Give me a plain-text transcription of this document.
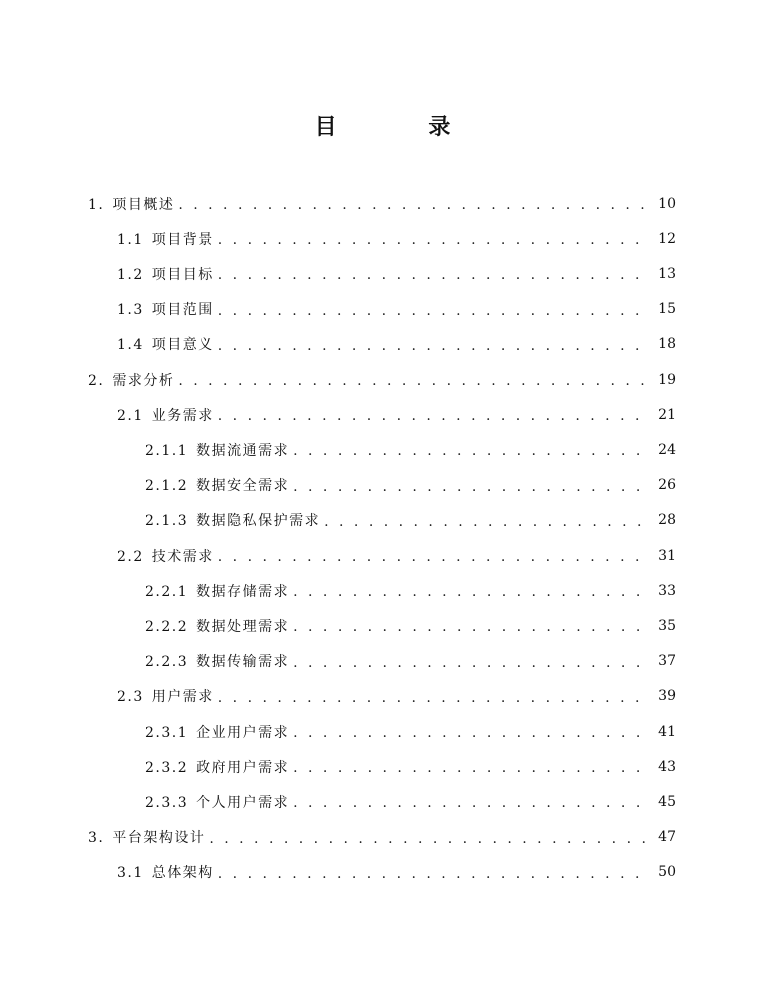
目 录
1. 项目概述 . . .	10
1.1 项目背景 . . .	12
1.2 项目目标 . . .	13
1.3 项目范围 . . .	15
1.4 项目意义 . . .	18
2. 需求分析 . . .	19
2.1 业务需求 . . .	21
2.1.1 数据流通需求 . . .	24
2.1.2 数据安全需求 . . .	26
2.1.3 数据隐私保护需求 . . .	28
2.2 技术需求 . . .	31
2.2.1 数据存储需求 . . .	33
2.2.2 数据处理需求 . . .	35
2.2.3 数据传输需求 . . .	37
2.3 用户需求 . . .	39
2.3.1 企业用户需求 . . .	41
2.3.2 政府用户需求 . . .	43
2.3.3 个人用户需求 . . .	45
3. 平台架构设计 . . .	47
3.1 总体架构 . . .	50
